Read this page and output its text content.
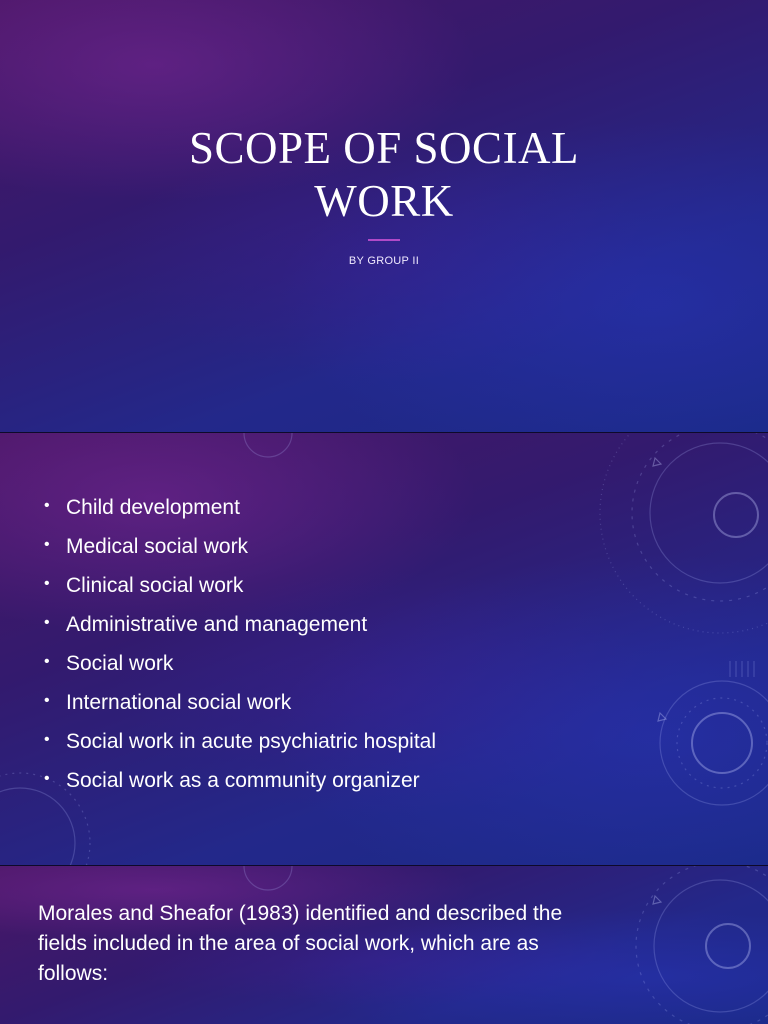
SCOPE OF SOCIAL
WORK
BY GROUP II
• Child development
• Medical social work
• Clinical social work
• Administrative and management
• Social work
• International social work
• Social work in acute psychiatric hospital
• Social work as a community organizer
Morales and Sheafor (1983) identified and described the
fields included in the area of social work, which are as
follows:
